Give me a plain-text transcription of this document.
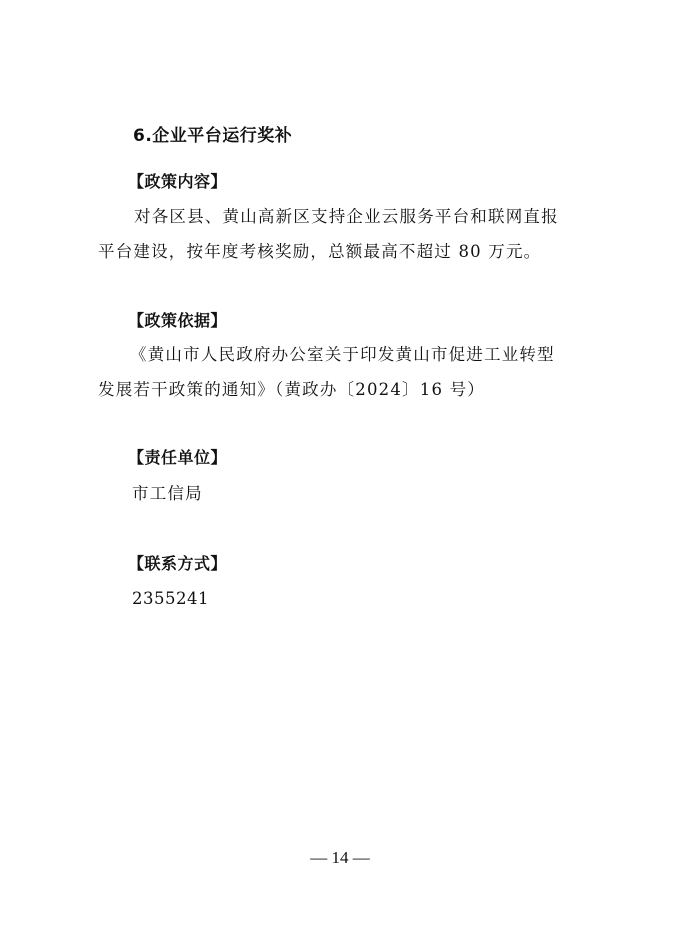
6.企业平台运行奖补
【政策内容】
对各区县、黄山高新区支持企业云服务平台和联网直报
平台建设，按年度考核奖励，总额最高不超过 80 万元。
【政策依据】
《黄山市人民政府办公室关于印发黄山市促进工业转型
发展若干政策的通知》（黄政办〔2024〕16 号）
【责任单位】
市工信局
【联系方式】
2355241
— 14 —
